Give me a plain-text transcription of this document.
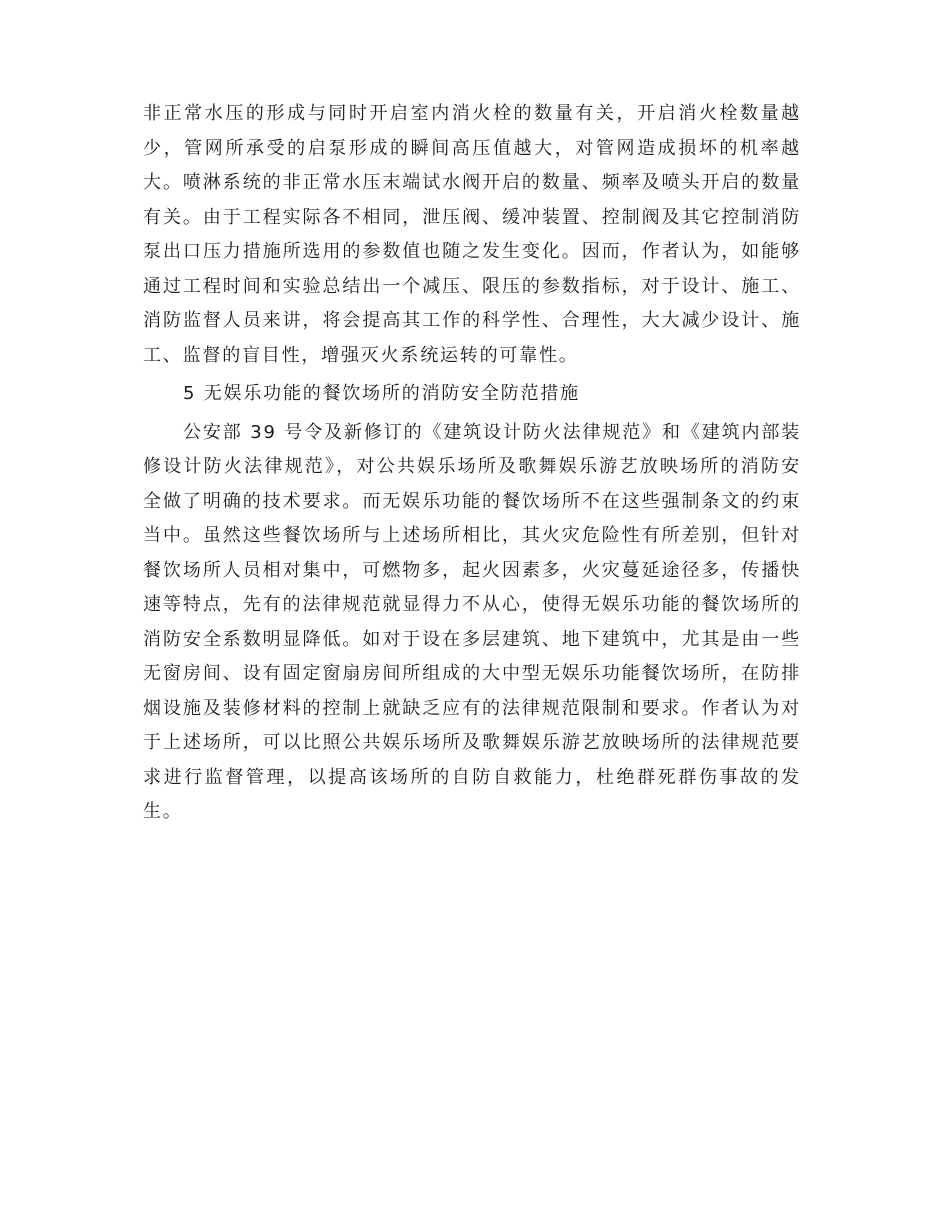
非正常水压的形成与同时开启室内消火栓的数量有关，开启消火栓数量越少，管网所承受的启泵形成的瞬间高压值越大，对管网造成损坏的机率越大。喷淋系统的非正常水压末端试水阀开启的数量、频率及喷头开启的数量有关。由于工程实际各不相同，泄压阀、缓冲装置、控制阀及其它控制消防泵出口压力措施所选用的参数值也随之发生变化。因而，作者认为，如能够通过工程时间和实验总结出一个减压、限压的参数指标，对于设计、施工、消防监督人员来讲，将会提高其工作的科学性、合理性，大大减少设计、施工、监督的盲目性，增强灭火系统运转的可靠性。

5 无娱乐功能的餐饮场所的消防安全防范措施

公安部 39 号令及新修订的《建筑设计防火法律规范》和《建筑内部装修设计防火法律规范》，对公共娱乐场所及歌舞娱乐游艺放映场所的消防安全做了明确的技术要求。而无娱乐功能的餐饮场所不在这些强制条文的约束当中。虽然这些餐饮场所与上述场所相比，其火灾危险性有所差别，但针对餐饮场所人员相对集中，可燃物多，起火因素多，火灾蔓延途径多，传播快速等特点，先有的法律规范就显得力不从心，使得无娱乐功能的餐饮场所的消防安全系数明显降低。如对于设在多层建筑、地下建筑中，尤其是由一些无窗房间、设有固定窗扇房间所组成的大中型无娱乐功能餐饮场所，在防排烟设施及装修材料的控制上就缺乏应有的法律规范限制和要求。作者认为对于上述场所，可以比照公共娱乐场所及歌舞娱乐游艺放映场所的法律规范要求进行监督管理，以提高该场所的自防自救能力，杜绝群死群伤事故的发生。
